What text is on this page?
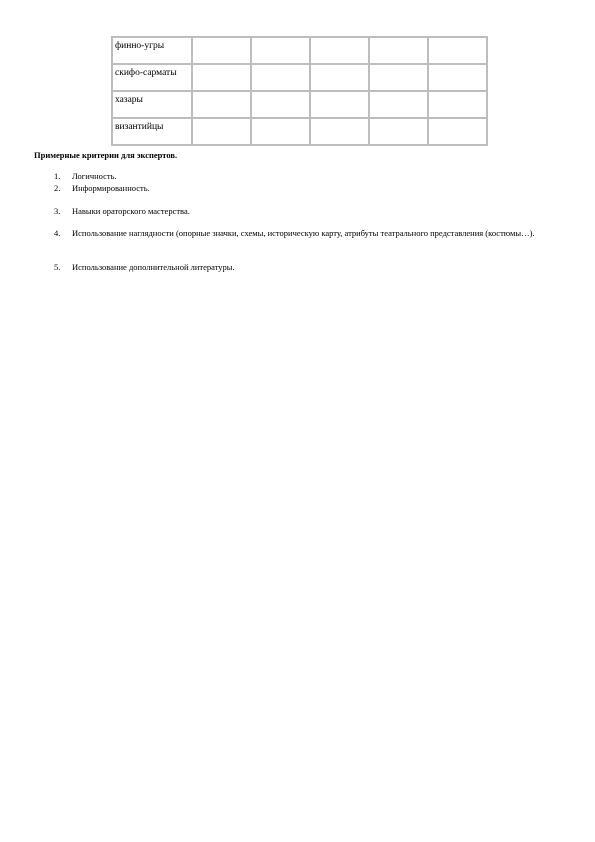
финно-угры					
скифо-сарматы					
хазары					
византийцы					

Примерные критерии для экспертов.

1.	Логичность.
2.	Информированность.
3.	Навыки ораторского мастерства.
4.	Использование наглядности (опорные значки, схемы, историческую карту, атрибуты театрального представления (костюмы…).
5.	Использование дополнительной литературы.
